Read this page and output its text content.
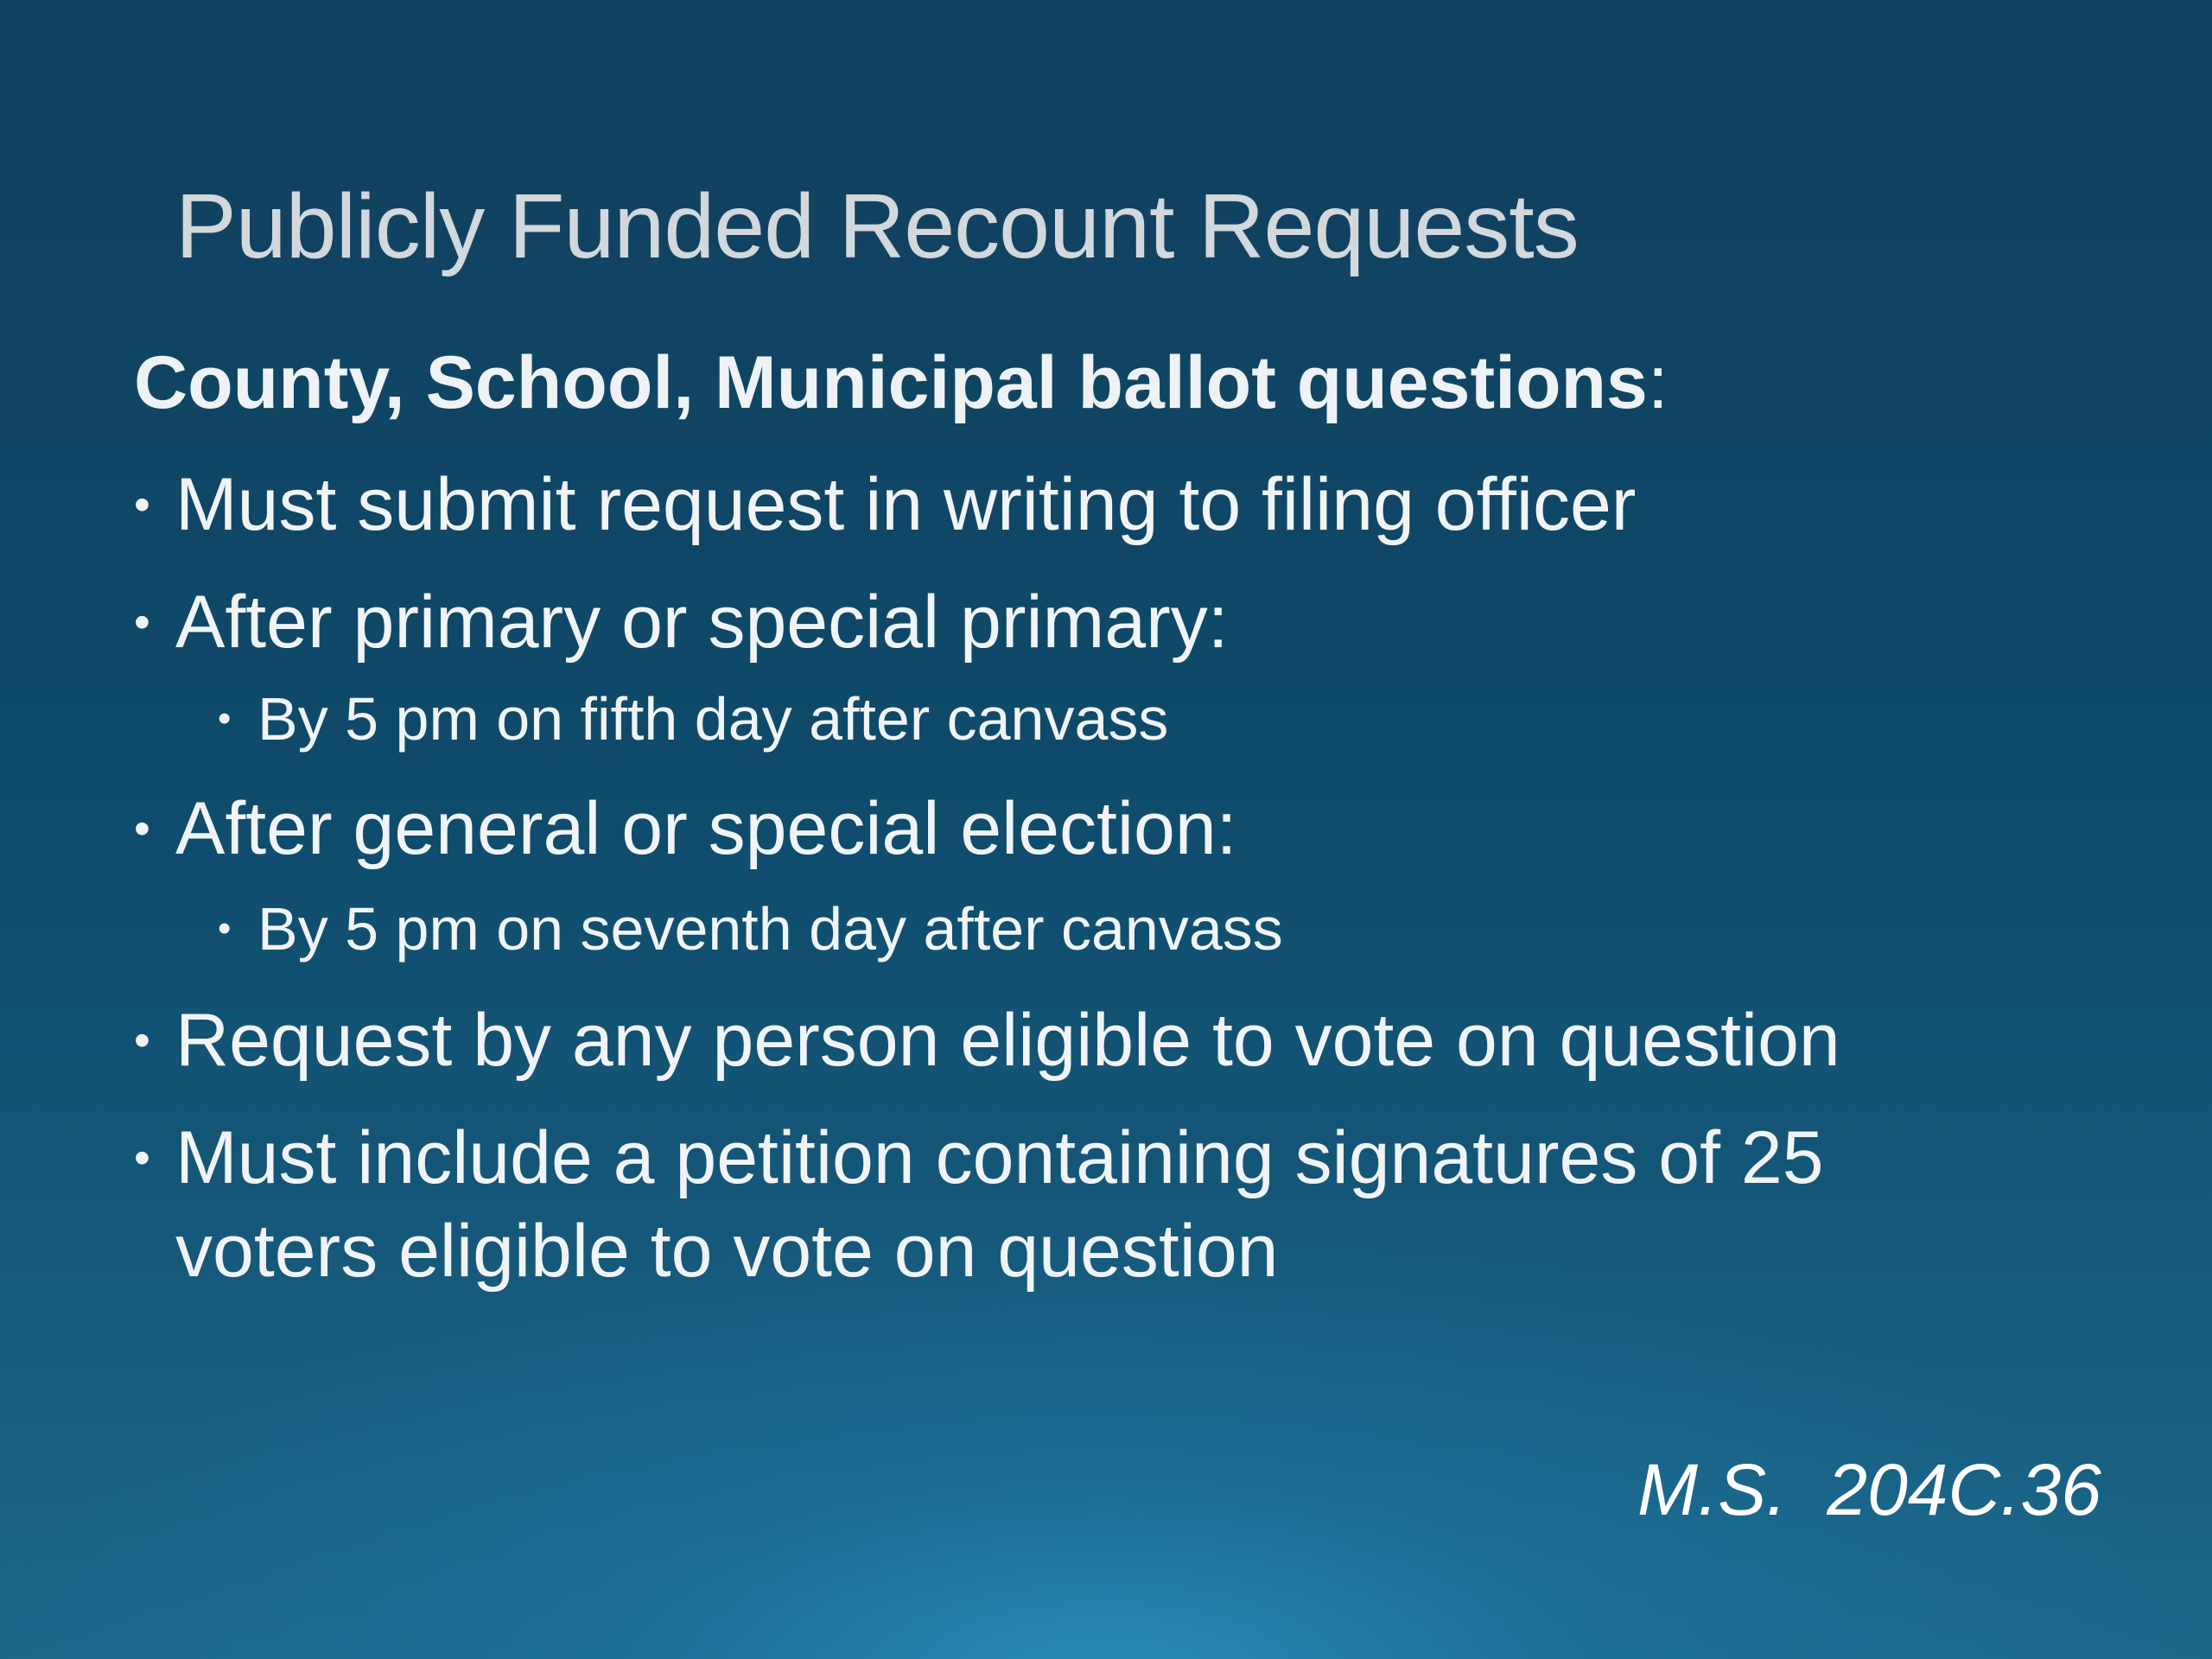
Publicly Funded Recount Requests

County, School, Municipal ballot questions:

• Must submit request in writing to filing officer
• After primary or special primary:
• By 5 pm on fifth day after canvass
• After general or special election:
• By 5 pm on seventh day after canvass
• Request by any person eligible to vote on question
• Must include a petition containing signatures of 25
voters eligible to vote on question
M.S.  204C.36
